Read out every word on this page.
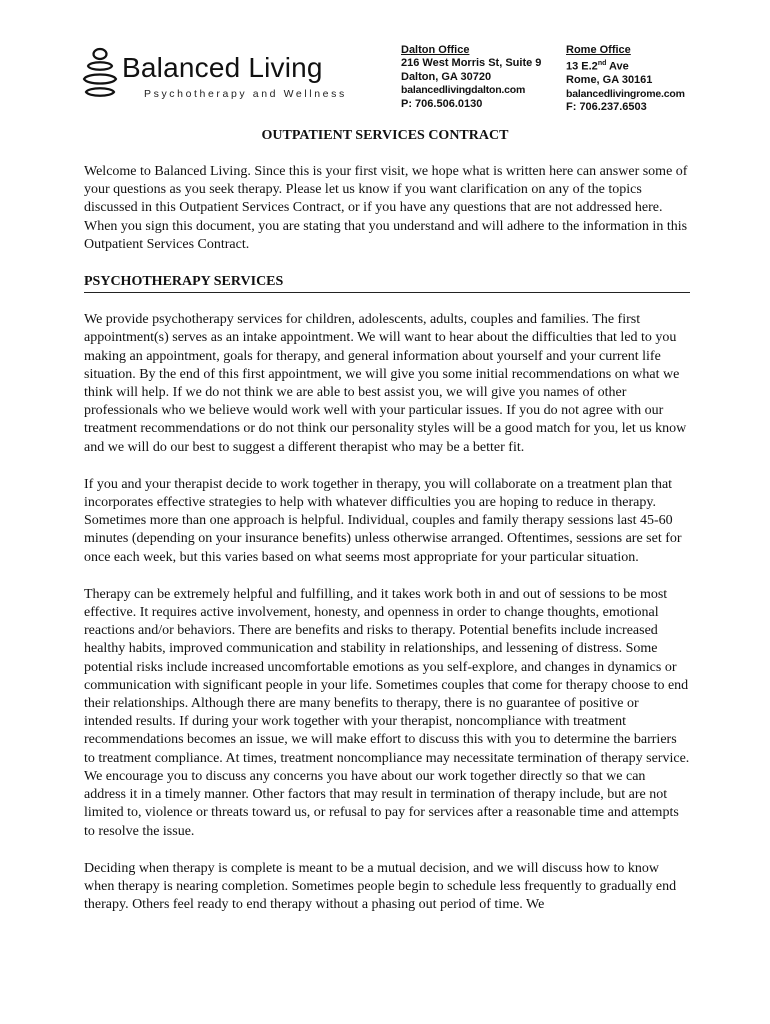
Balanced Living
Psychotherapy and Wellness
Dalton Office
216 West Morris St, Suite 9
Dalton, GA 30720
balancedlivingdalton.com
P: 706.506.0130
Rome Office
13 E.2nd Ave
Rome, GA 30161
balancedlivingrome.com
F: 706.237.6503
OUTPATIENT SERVICES CONTRACT

Welcome to Balanced Living. Since this is your first visit, we hope what is written here can answer some of your questions as you seek therapy. Please let us know if you want clarification on any of the topics discussed in this Outpatient Services Contract, or if you have any questions that are not addressed here. When you sign this document, you are stating that you understand and will adhere to the information in this Outpatient Services Contract.

PSYCHOTHERAPY SERVICES

We provide psychotherapy services for children, adolescents, adults, couples and families. The first appointment(s) serves as an intake appointment. We will want to hear about the difficulties that led to you making an appointment, goals for therapy, and general information about yourself and your current life situation. By the end of this first appointment, we will give you some initial recommendations on what we think will help. If we do not think we are able to best assist you, we will give you names of other professionals who we believe would work well with your particular issues. If you do not agree with our treatment recommendations or do not think our personality styles will be a good match for you, let us know and we will do our best to suggest a different therapist who may be a better fit.

If you and your therapist decide to work together in therapy, you will collaborate on a treatment plan that incorporates effective strategies to help with whatever difficulties you are hoping to reduce in therapy. Sometimes more than one approach is helpful. Individual, couples and family therapy sessions last 45-60 minutes (depending on your insurance benefits) unless otherwise arranged. Oftentimes, sessions are set for once each week, but this varies based on what seems most appropriate for your particular situation.

Therapy can be extremely helpful and fulfilling, and it takes work both in and out of sessions to be most effective. It requires active involvement, honesty, and openness in order to change thoughts, emotional reactions and/or behaviors. There are benefits and risks to therapy. Potential benefits include increased healthy habits, improved communication and stability in relationships, and lessening of distress. Some potential risks include increased uncomfortable emotions as you self-explore, and changes in dynamics or communication with significant people in your life. Sometimes couples that come for therapy choose to end their relationships. Although there are many benefits to therapy, there is no guarantee of positive or intended results. If during your work together with your therapist, noncompliance with treatment recommendations becomes an issue, we will make effort to discuss this with you to determine the barriers to treatment compliance. At times, treatment noncompliance may necessitate termination of therapy service. We encourage you to discuss any concerns you have about our work together directly so that we can address it in a timely manner. Other factors that may result in termination of therapy include, but are not limited to, violence or threats toward us, or refusal to pay for services after a reasonable time and attempts to resolve the issue.

Deciding when therapy is complete is meant to be a mutual decision, and we will discuss how to know when therapy is nearing completion. Sometimes people begin to schedule less frequently to gradually end therapy. Others feel ready to end therapy without a phasing out period of time. We
